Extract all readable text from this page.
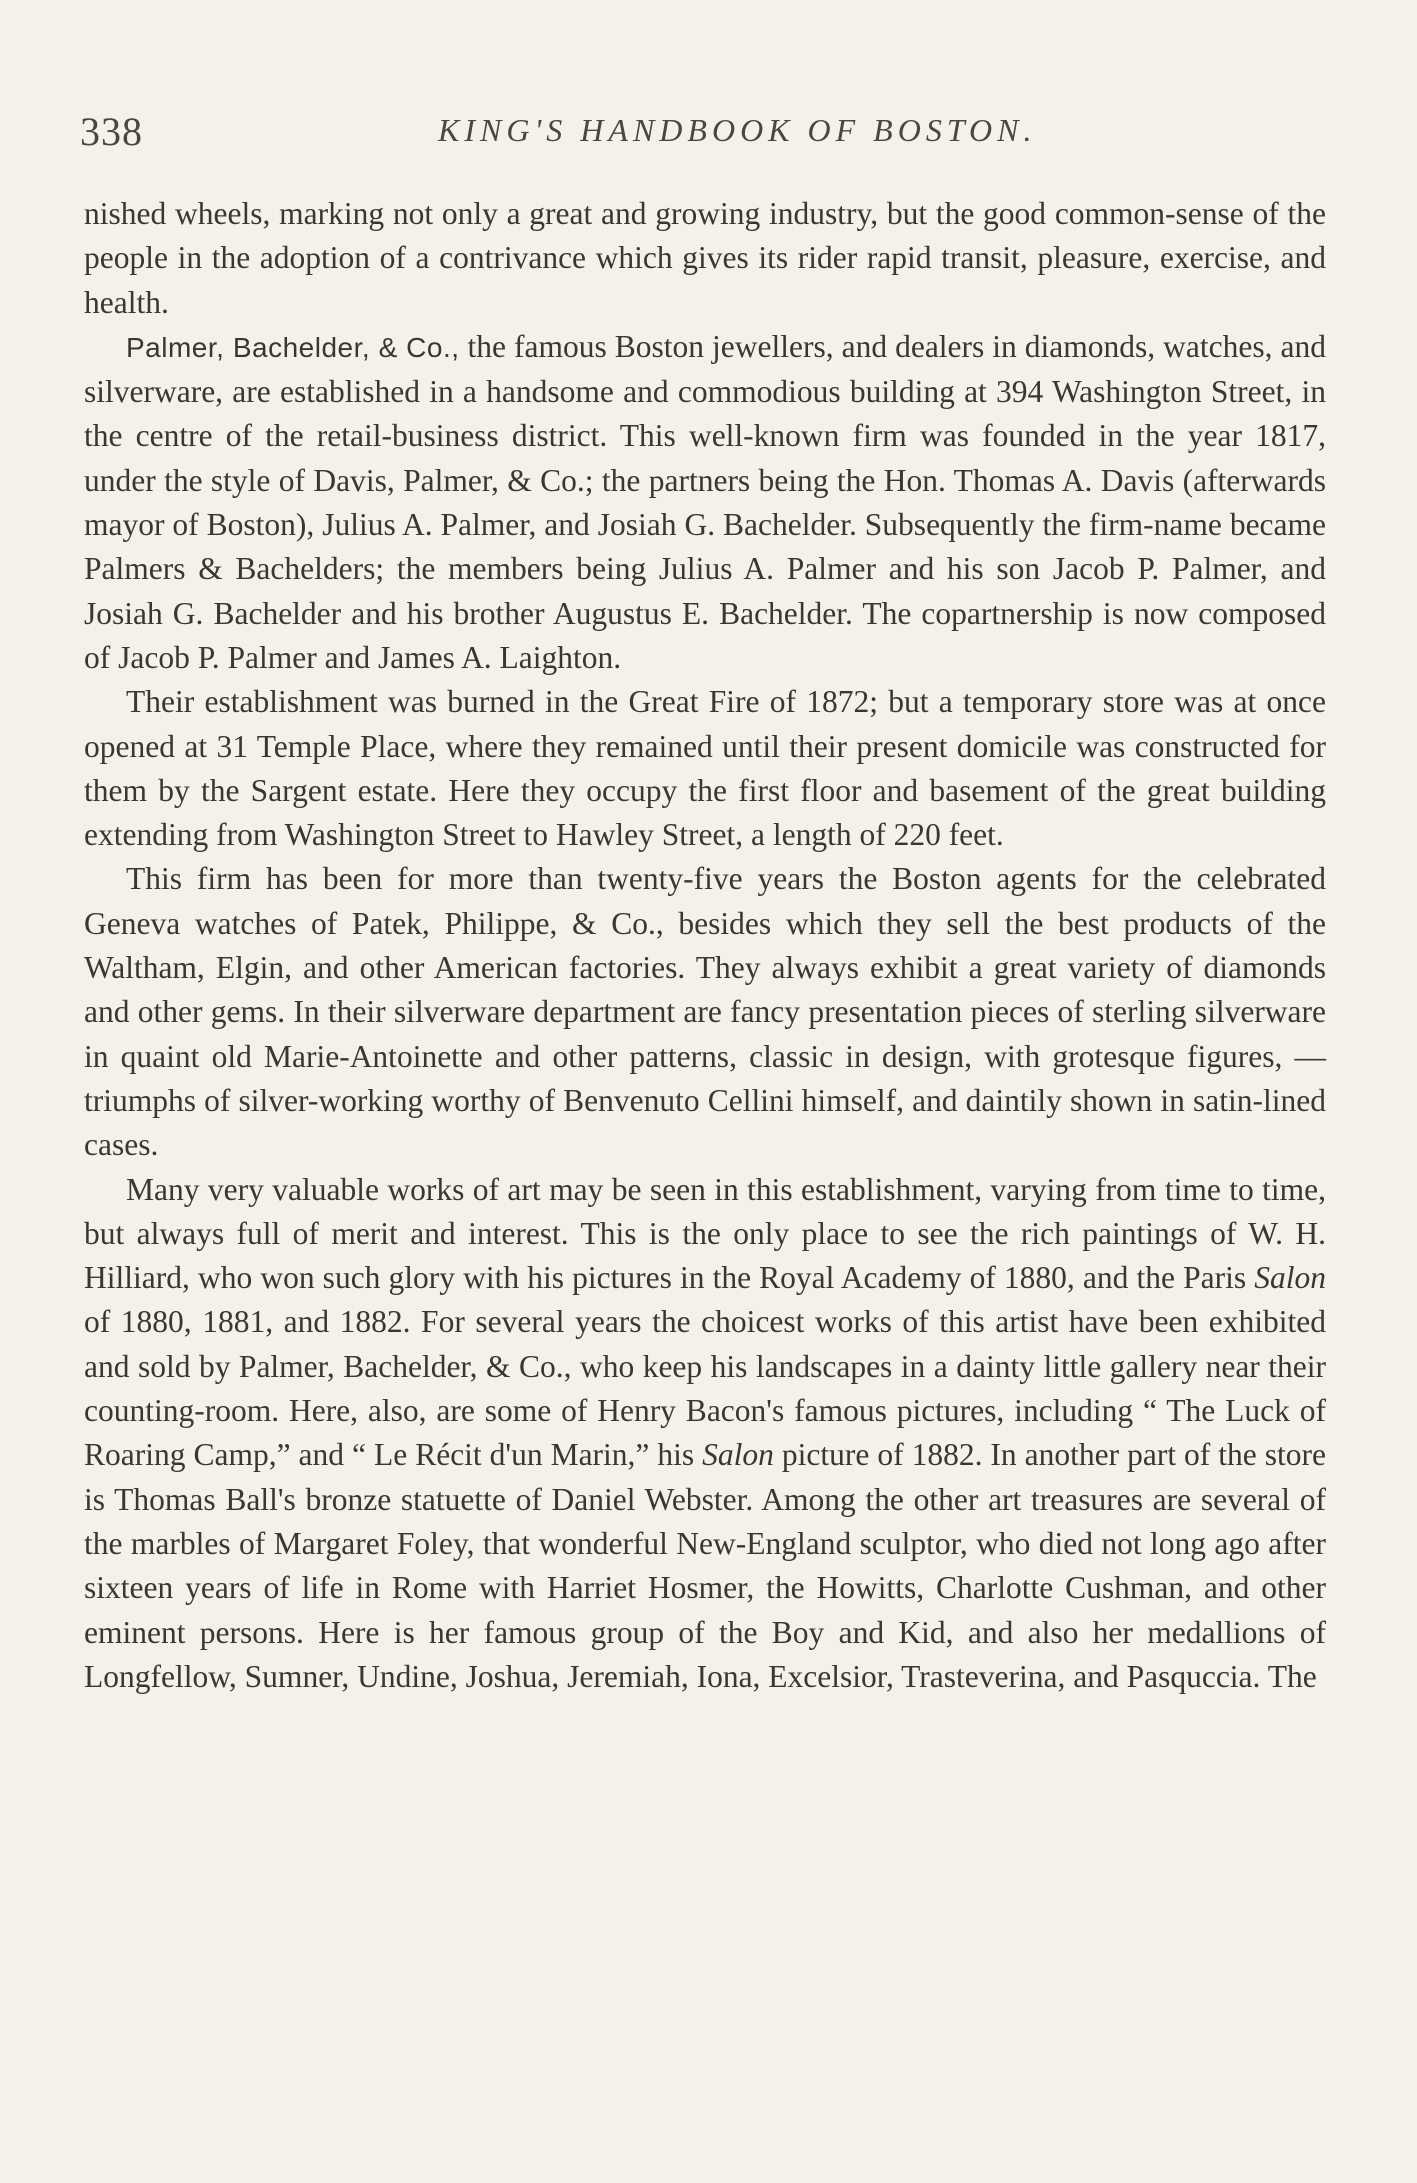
338	KING'S HANDBOOK OF BOSTON.

nished wheels, marking not only a great and growing industry, but the good common-sense of the people in the adoption of a contrivance which gives its rider rapid transit, pleasure, exercise, and health.

Palmer, Bachelder, & Co., the famous Boston jewellers, and dealers in diamonds, watches, and silverware, are established in a handsome and commodious building at 394 Washington Street, in the centre of the retail-business district. This well-known firm was founded in the year 1817, under the style of Davis, Palmer, & Co.; the partners being the Hon. Thomas A. Davis (afterwards mayor of Boston), Julius A. Palmer, and Josiah G. Bachelder. Subsequently the firm-name became Palmers & Bachelders; the members being Julius A. Palmer and his son Jacob P. Palmer, and Josiah G. Bachelder and his brother Augustus E. Bachelder. The copartnership is now composed of Jacob P. Palmer and James A. Laighton.

Their establishment was burned in the Great Fire of 1872; but a temporary store was at once opened at 31 Temple Place, where they remained until their present domicile was constructed for them by the Sargent estate. Here they occupy the first floor and basement of the great building extending from Washington Street to Hawley Street, a length of 220 feet.

This firm has been for more than twenty-five years the Boston agents for the celebrated Geneva watches of Patek, Philippe, & Co., besides which they sell the best products of the Waltham, Elgin, and other American factories. They always exhibit a great variety of diamonds and other gems. In their silverware department are fancy presentation pieces of sterling silverware in quaint old Marie-Antoinette and other patterns, classic in design, with grotesque figures, — triumphs of silver-working worthy of Benvenuto Cellini himself, and daintily shown in satin-lined cases.

Many very valuable works of art may be seen in this establishment, varying from time to time, but always full of merit and interest. This is the only place to see the rich paintings of W. H. Hilliard, who won such glory with his pictures in the Royal Academy of 1880, and the Paris Salon of 1880, 1881, and 1882. For several years the choicest works of this artist have been exhibited and sold by Palmer, Bachelder, & Co., who keep his landscapes in a dainty little gallery near their counting-room. Here, also, are some of Henry Bacon's famous pictures, including “ The Luck of Roaring Camp,” and “ Le Récit d'un Marin,” his Salon picture of 1882. In another part of the store is Thomas Ball's bronze statuette of Daniel Webster. Among the other art treasures are several of the marbles of Margaret Foley, that wonderful New-England sculptor, who died not long ago after sixteen years of life in Rome with Harriet Hosmer, the Howitts, Charlotte Cushman, and other eminent persons. Here is her famous group of the Boy and Kid, and also her medallions of Longfellow, Sumner, Undine, Joshua, Jeremiah, Iona, Excelsior, Trasteverina, and Pasquccia. The
